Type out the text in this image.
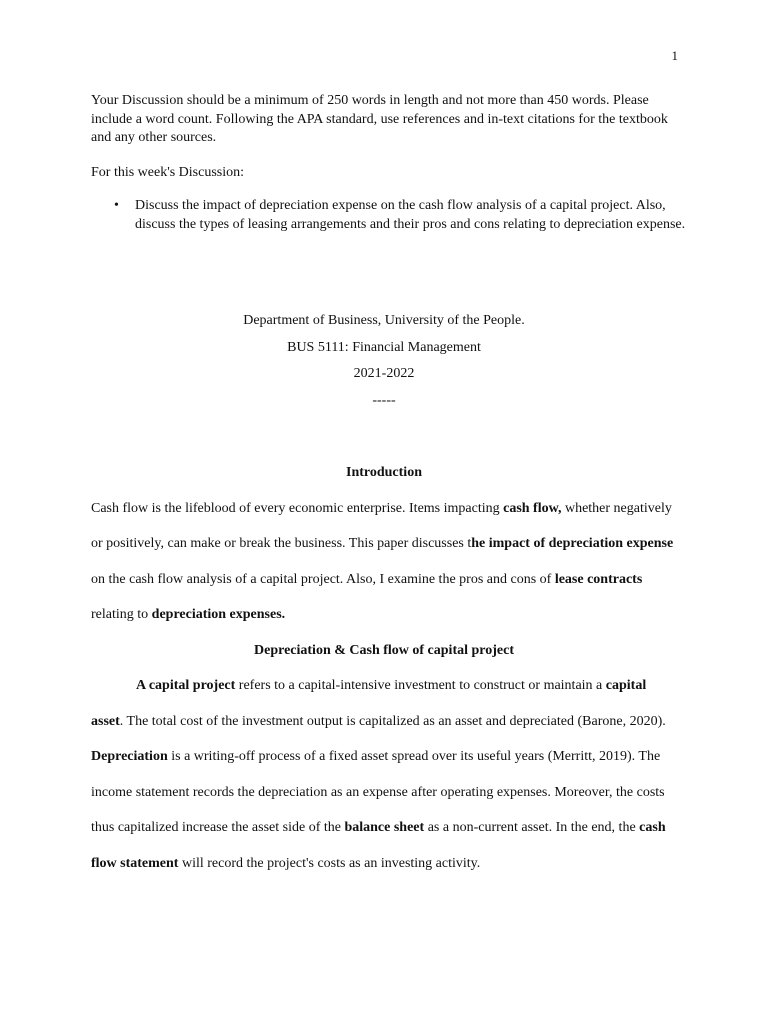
1

Your Discussion should be a minimum of 250 words in length and not more than 450 words. Please include a word count. Following the APA standard, use references and in-text citations for the textbook and any other sources.

For this week's Discussion:

• Discuss the impact of depreciation expense on the cash flow analysis of a capital project. Also, discuss the types of leasing arrangements and their pros and cons relating to depreciation expense.
Department of Business, University of the People.
BUS 5111: Financial Management
2021-2022
-----

Introduction

Cash flow is the lifeblood of every economic enterprise. Items impacting cash flow, whether negatively or positively, can make or break the business. This paper discusses the impact of depreciation expense on the cash flow analysis of a capital project. Also, I examine the pros and cons of lease contracts relating to depreciation expenses.

Depreciation & Cash flow of capital project

A capital project refers to a capital-intensive investment to construct or maintain a capital asset. The total cost of the investment output is capitalized as an asset and depreciated (Barone, 2020). Depreciation is a writing-off process of a fixed asset spread over its useful years (Merritt, 2019). The income statement records the depreciation as an expense after operating expenses. Moreover, the costs thus capitalized increase the asset side of the balance sheet as a non-current asset. In the end, the cash flow statement will record the project's costs as an investing activity.
